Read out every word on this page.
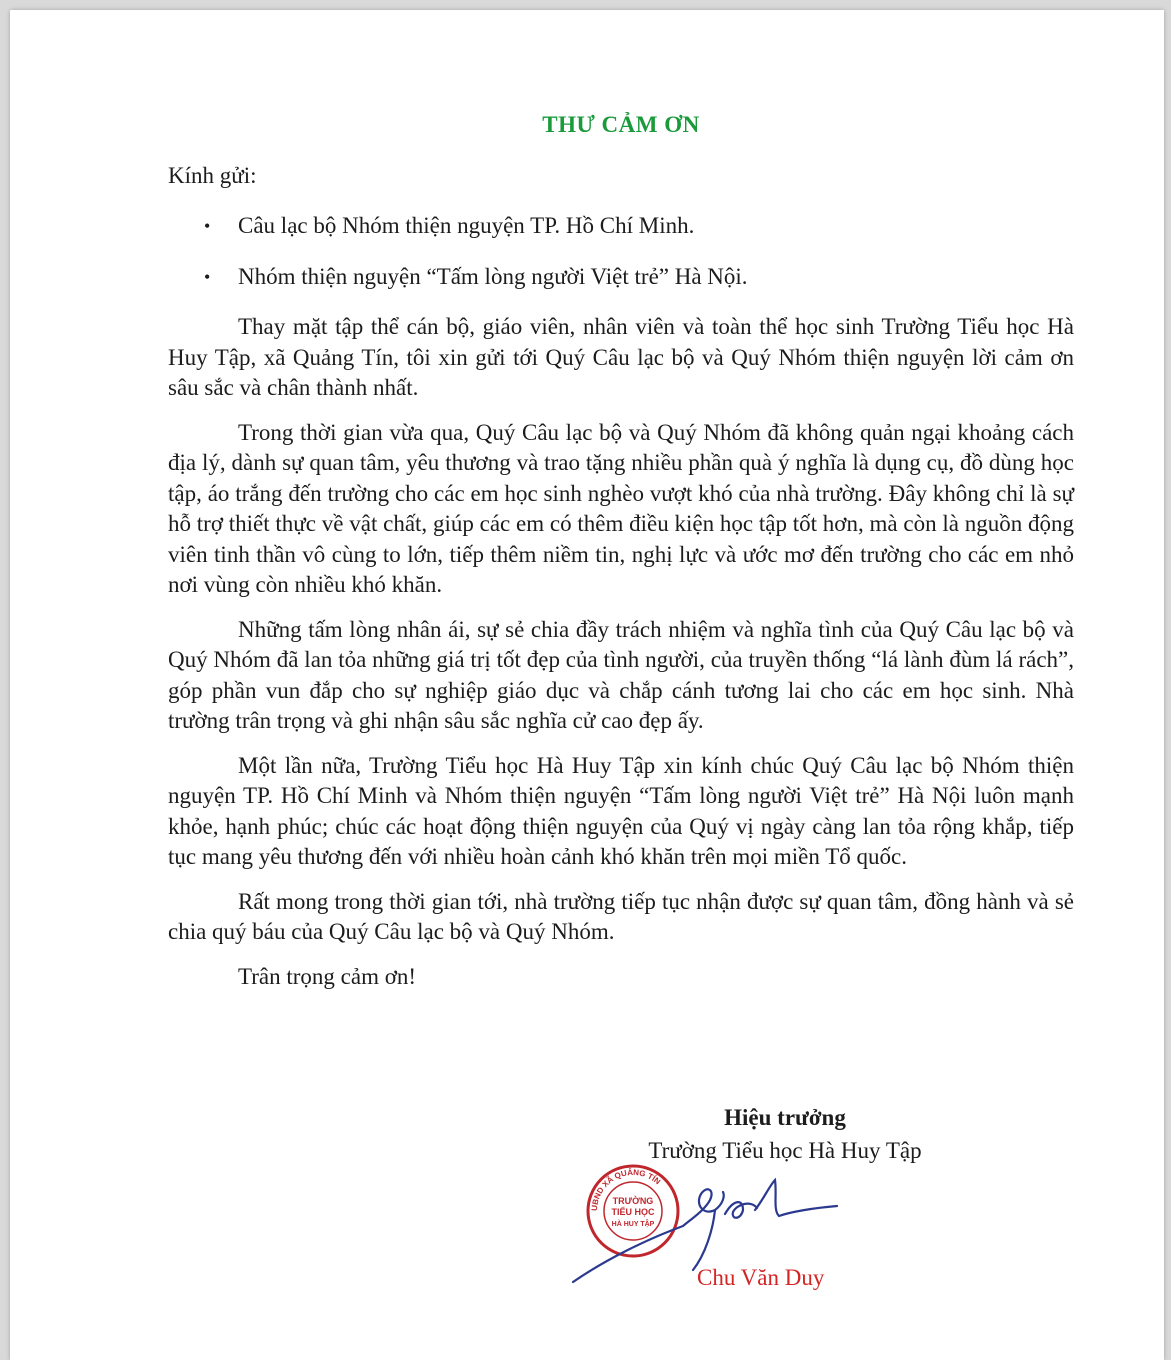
THƯ CẢM ƠN
Kính gửi:
• Câu lạc bộ Nhóm thiện nguyện TP. Hồ Chí Minh.
• Nhóm thiện nguyện “Tấm lòng người Việt trẻ” Hà Nội.

Thay mặt tập thể cán bộ, giáo viên, nhân viên và toàn thể học sinh Trường Tiểu học Hà Huy Tập, xã Quảng Tín, tôi xin gửi tới Quý Câu lạc bộ và Quý Nhóm thiện nguyện lời cảm ơn sâu sắc và chân thành nhất.

Trong thời gian vừa qua, Quý Câu lạc bộ và Quý Nhóm đã không quản ngại khoảng cách địa lý, dành sự quan tâm, yêu thương và trao tặng nhiều phần quà ý nghĩa là dụng cụ, đồ dùng học tập, áo trắng đến trường cho các em học sinh nghèo vượt khó của nhà trường. Đây không chỉ là sự hỗ trợ thiết thực về vật chất, giúp các em có thêm điều kiện học tập tốt hơn, mà còn là nguồn động viên tinh thần vô cùng to lớn, tiếp thêm niềm tin, nghị lực và ước mơ đến trường cho các em nhỏ nơi vùng còn nhiều khó khăn.

Những tấm lòng nhân ái, sự sẻ chia đầy trách nhiệm và nghĩa tình của Quý Câu lạc bộ và Quý Nhóm đã lan tỏa những giá trị tốt đẹp của tình người, của truyền thống “lá lành đùm lá rách”, góp phần vun đắp cho sự nghiệp giáo dục và chắp cánh tương lai cho các em học sinh. Nhà trường trân trọng và ghi nhận sâu sắc nghĩa cử cao đẹp ấy.

Một lần nữa, Trường Tiểu học Hà Huy Tập xin kính chúc Quý Câu lạc bộ Nhóm thiện nguyện TP. Hồ Chí Minh và Nhóm thiện nguyện “Tấm lòng người Việt trẻ” Hà Nội luôn mạnh khỏe, hạnh phúc; chúc các hoạt động thiện nguyện của Quý vị ngày càng lan tỏa rộng khắp, tiếp tục mang yêu thương đến với nhiều hoàn cảnh khó khăn trên mọi miền Tổ quốc.

Rất mong trong thời gian tới, nhà trường tiếp tục nhận được sự quan tâm, đồng hành và sẻ chia quý báu của Quý Câu lạc bộ và Quý Nhóm.

Trân trọng cảm ơn!
Hiệu trưởng
Trường Tiểu học Hà Huy Tập
UBND XÃ QUẢNG TÍN
TRƯỜNG
TIỂU HỌC
HÀ HUY TẬP
Chu Văn Duy
